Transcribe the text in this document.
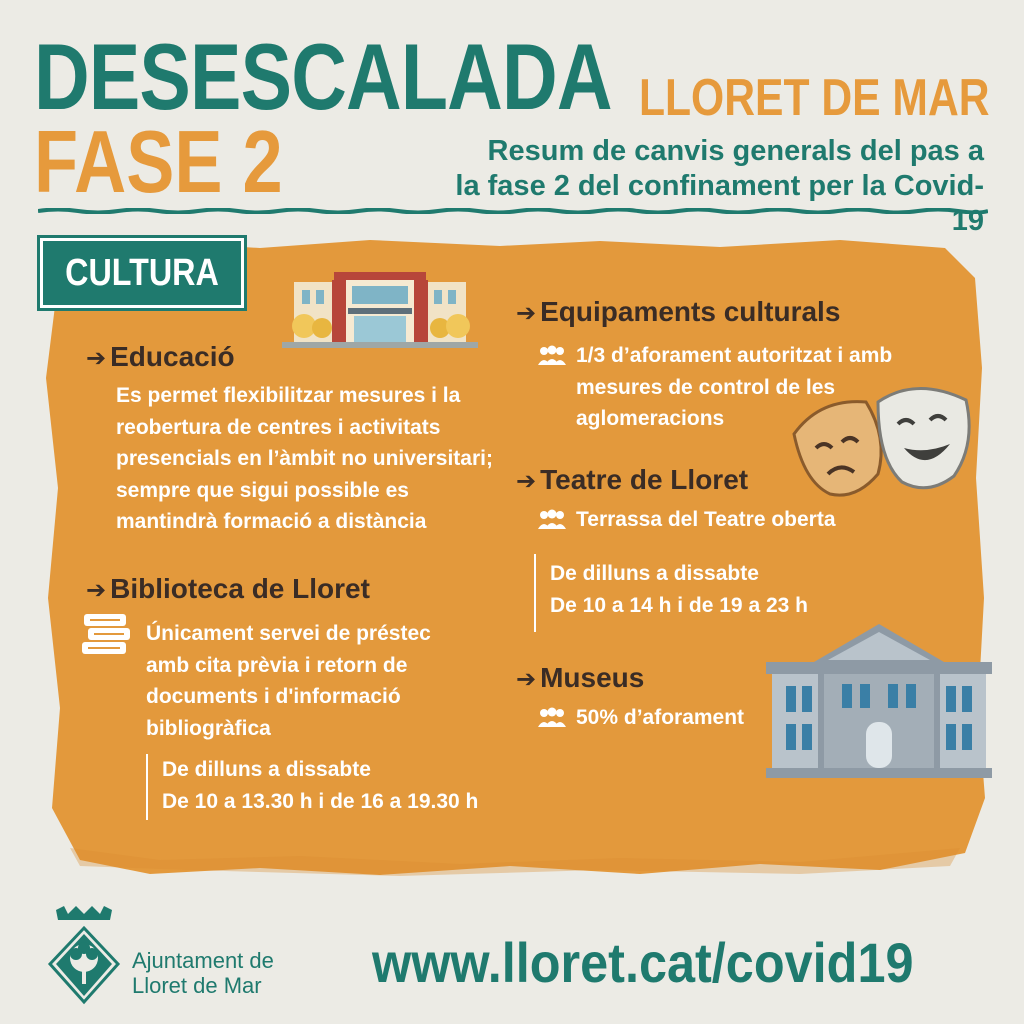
DESESCALADA
FASE 2
LLORET DE MAR
Resum de canvis generals del pas a
la fase 2 del confinament per la Covid-19
CULTURA
➔ Educació
Es permet flexibilitzar mesures i la
reobertura de centres i activitats
presencials en l’àmbit no universitari;
sempre que sigui possible es
mantindrà formació a distància
➔ Biblioteca de Lloret
Únicament servei de préstec
amb cita prèvia i retorn de
documents i d'informació
bibliogràfica
De dilluns a dissabte
De 10 a 13.30 h i de 16 a 19.30 h
➔ Equipaments culturals
1/3 d’aforament autoritzat i amb
mesures de control de les
aglomeracions
➔ Teatre de Lloret
Terrassa del Teatre oberta
De dilluns a dissabte
De 10 a 14 h i de 19 a 23 h
➔ Museus
50% d’aforament
Ajuntament de
Lloret de Mar www.lloret.cat/covid19
